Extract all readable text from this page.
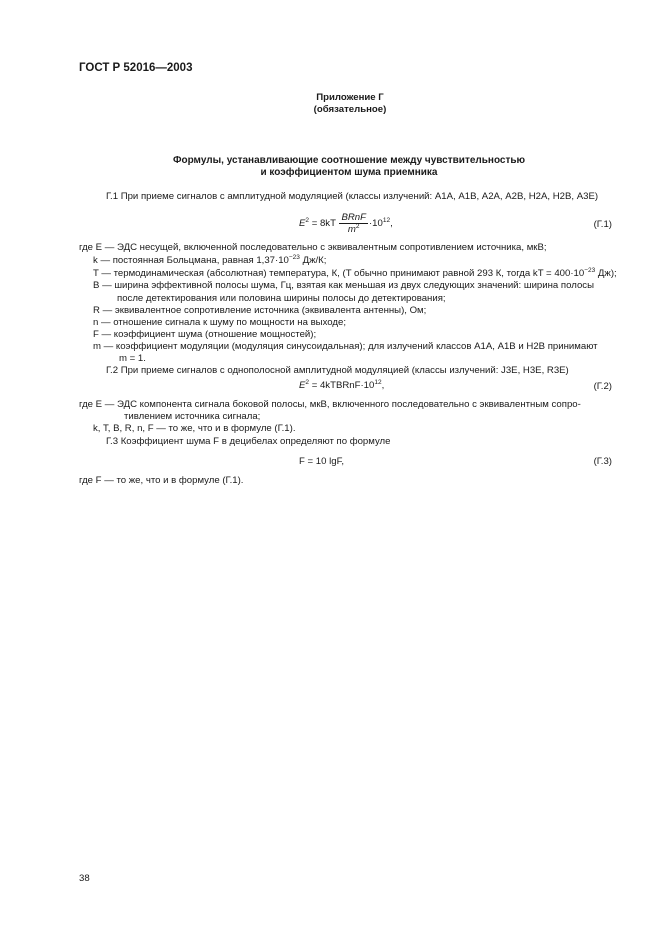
ГОСТ Р 52016—2003
Приложение Г
(обязательное)
Формулы, устанавливающие соотношение между чувствительностью
и коэффициентом шума приемника
Г.1 При приеме сигналов с амплитудной модуляцией (классы излучений: А1А, А1В, А2А, А2В, Н2А, Н2В, А3Е)
$E^2 = 8kT \frac{\text{BRnF}}{m^2} \cdot 10^{12}$,	(Г.1)
где E — ЭДС несущей, включенной последовательно с эквивалентным сопротивлением источника, мкВ;
k — постоянная Больцмана, равная $1,37\cdot 10^{-23}$ Дж/К;
T — термодинамическая (абсолютная) температура, К, (T обычно принимают равной 293 К, тогда kT = $400\cdot 10^{-23}$ Дж);
B — ширина эффективной полосы шума, Гц, взятая как меньшая из двух следующих значений: ширина полосы
после детектирования или половина ширины полосы до детектирования;
R — эквивалентное сопротивление источника (эквивалента антенны), Ом;
n — отношение сигнала к шуму по мощности на выходе;
F — коэффициент шума (отношение мощностей);
m — коэффициент модуляции (модуляция синусоидальная); для излучений классов А1А, А1В и Н2В принимают
m = 1.
Г.2 При приеме сигналов с однополосной амплитудной модуляцией (классы излучений: J3E, H3E, R3E)
$E^2$ = $4kTBRnF\cdot 10^{12}$,	(Г.2)
где E — ЭДС компонента сигнала боковой полосы, мкВ, включенного последовательно с эквивалентным сопро-
тивлением источника сигнала;
k, T, B, R, n, F — то же, что и в формуле (Г.1).
Г.3 Коэффициент шума F в децибелах определяют по формуле
F = 10 lgF,	(Г.3)
где F — то же, что и в формуле (Г.1).
38
